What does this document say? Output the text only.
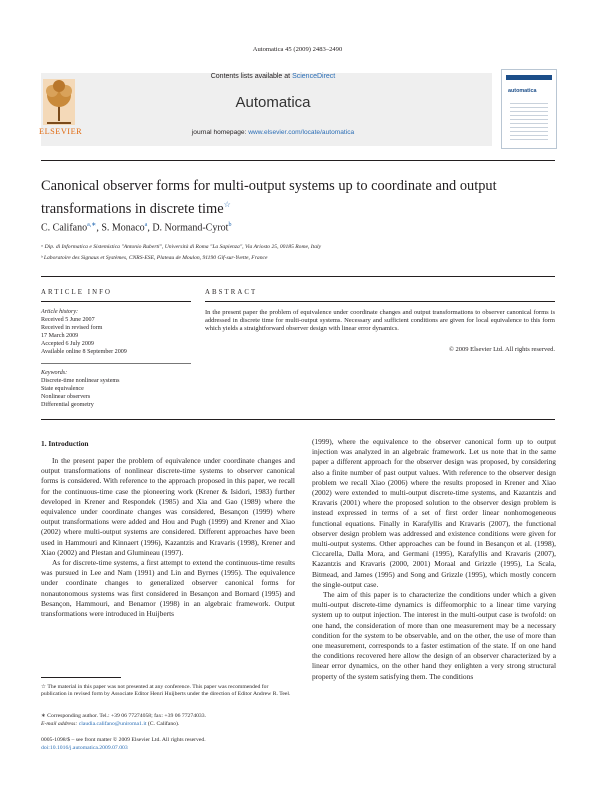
Automatica 45 (2009) 2483–2490
ELSEVIER
Contents lists available at ScienceDirect
Automatica
journal homepage: www.elsevier.com/locate/automatica
automatica
Canonical observer forms for multi-output systems up to coordinate and output
transformations in discrete time☆
C. Califano$^{a,∗}$, S. Monaco$^a$, D. Normand-Cyrot$^b$
ᵃ Dip. di Informatica e Sistemistica "Antonio Ruberti", Università di Roma "La Sapienza", Via Ariosto 25, 00185 Rome, Italy
ᵇ Laboratoire des Signaux et Systèmes, CNRS-ESE, Plateau de Moulon, 91190 Gif-sur-Yvette, France
ARTICLE INFO	ABSTRACT
Article history:
Received 5 June 2007
Received in revised form
17 March 2009
Accepted 6 July 2009
Available online 8 September 2009
Keywords:
Discrete-time nonlinear systems
State equivalence
Nonlinear observers
Differential geometry
In the present paper the problem of equivalence under coordinate changes and output transformations to observer canonical forms is addressed in discrete time for multi-output systems. Necessary and sufficient conditions are given for local equivalence to this form which yields a straightforward observer design with linear error dynamics.
© 2009 Elsevier Ltd. All rights reserved.
1. Introduction

In the present paper the problem of equivalence under coordinate changes and output transformations of nonlinear discrete-time systems to observer canonical forms is considered. With reference to the approach proposed in this paper, we recall for the continuous-time case the pioneering work (Krener & Isidori, 1983) further developed in Krener and Respondek (1985) and Xia and Gao (1989) where the equivalence under coordinate changes was considered, Besançon (1999) where output transformations were added and Hou and Pugh (1999) and Krener and Xiao (2002) where multi-output systems are considered. Different approaches have been used in Hammouri and Kinnaert (1996), Kazantzis and Kravaris (1998), Krener and Xiao (2002) and Plestan and Glumineau (1997).

As for discrete-time systems, a first attempt to extend the continuous-time results was pursued in Lee and Nam (1991) and Lin and Byrnes (1995). The equivalence under coordinate changes to generalized observer canonical forms for nonautonomous systems was first considered in Besançon and Bornard (1995) and Besançon, Hammouri, and Benamor (1998) in an algebraic framework. Output transformations were introduced in Huijberts

(1999), where the equivalence to the observer canonical form up to output injection was analyzed in an algebraic framework. Let us note that in the same paper a different approach for the observer design was proposed, by considering also a finite number of past output values. With reference to the observer design problem we recall Xiao (2006) where the results proposed in Krener and Xiao (2002) were extended to multi-output discrete-time systems, and Kazantzis and Kravaris (2001) where the proposed solution to the observer design problem is instead expressed in terms of a set of first order linear nonhomogeneous functional equations. Finally in Karafyllis and Kravaris (2007), the functional observer design problem was addressed and existence conditions were given for multi-output systems. Other approaches can be found in Besançon et al. (1998), Ciccarella, Dalla Mora, and Germani (1995), Karafyllis and Kravaris (2007), Kazantzis and Kravaris (2000, 2001) Moraal and Grizzle (1995), La Scala, Bitmead, and James (1995) and Song and Grizzle (1995), which mostly concern the single-output case.

The aim of this paper is to characterize the conditions under which a given multi-output discrete-time dynamics is diffeomorphic to a linear time varying system up to output injection. The interest in the multi-output case is twofold: on one hand, the consideration of more than one measurement may be a necessary condition for the system to be observable, and on the other, the use of more than one measurement, corresponds to a faster estimation of the state. If on one hand the conditions recovered here allow the design of an observer characterized by a linear error dynamics, on the other hand they enlighten a very strong structural property of the system satisfying them. The conditions

☆ The material in this paper was not presented at any conference. This paper was recommended for publication in revised form by Associate Editor Henri Huijberts under the direction of Editor Andrew R. Teel.
∗ Corresponding author. Tel.: +39 06 77274058; fax: +39 06 77274033.
E-mail address: claudia.califano@uniroma1.it (C. Califano).
0005-1098/$ – see front matter © 2009 Elsevier Ltd. All rights reserved.
doi:10.1016/j.automatica.2009.07.003
